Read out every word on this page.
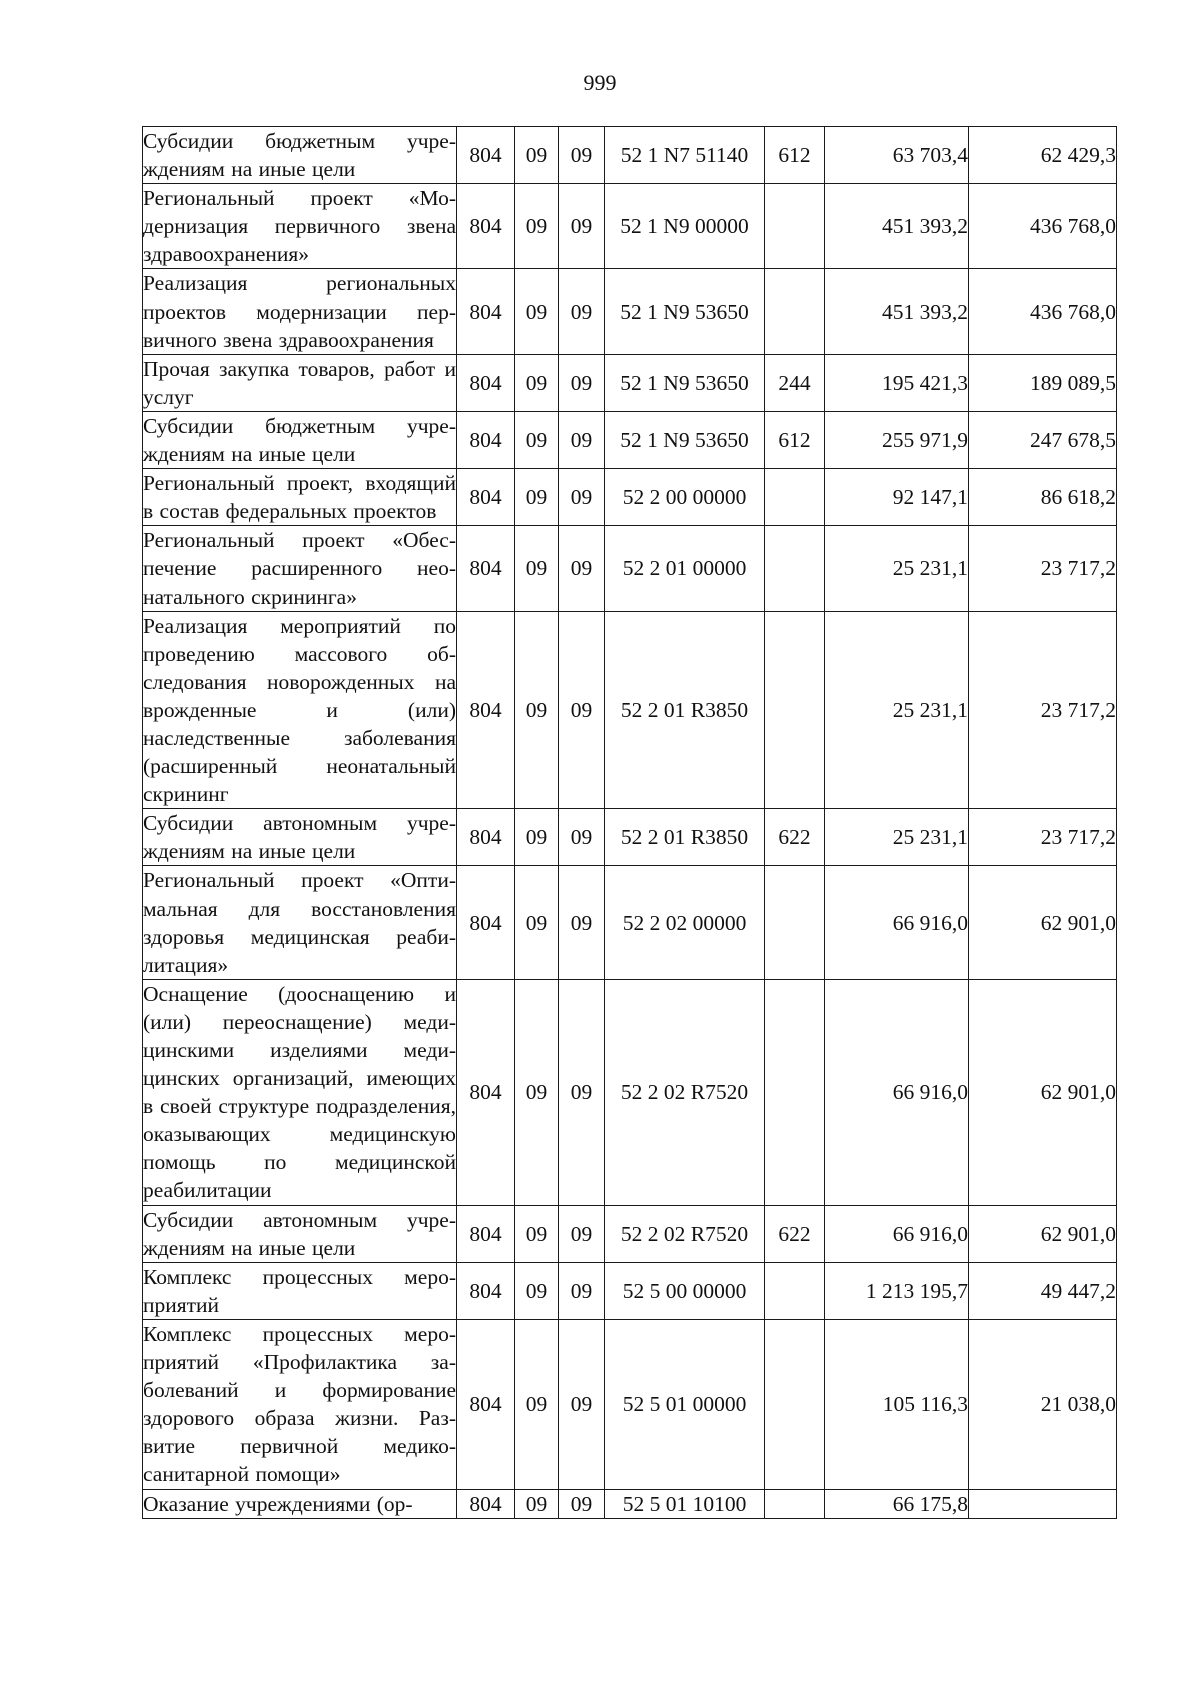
999
Субсидии бюджетным учреждениям на иные цели	804	09	09	52 1 N7 51140	612	63 703,4	62 429,3
Региональный проект «Модернизация первичного звена здравоохранения»	804	09	09	52 1 N9 00000		451 393,2	436 768,0
Реализация региональных проектов модернизации первичного звена здравоохранения	804	09	09	52 1 N9 53650		451 393,2	436 768,0
Прочая закупка товаров, работ и услуг	804	09	09	52 1 N9 53650	244	195 421,3	189 089,5
Субсидии бюджетным учреждениям на иные цели	804	09	09	52 1 N9 53650	612	255 971,9	247 678,5
Региональный проект, входящий в состав федеральных проектов	804	09	09	52 2 00 00000		92 147,1	86 618,2
Региональный проект «Обеспечение расширенного неонатального скрининга»	804	09	09	52 2 01 00000		25 231,1	23 717,2
Реализация мероприятий по проведению массового обследования новорожденных на врожденные и (или) наследственные заболевания (расширенный неонатальный скрининг	804	09	09	52 2 01 R3850		25 231,1	23 717,2
Субсидии автономным учреждениям на иные цели	804	09	09	52 2 01 R3850	622	25 231,1	23 717,2
Региональный проект «Оптимальная для восстановления здоровья медицинская реабилитация»	804	09	09	52 2 02 00000		66 916,0	62 901,0
Оснащение (дооснащению и (или) переоснащение) медицинскими изделиями медицинских организаций, имеющих в своей структуре подразделения, оказывающих медицинскую помощь по медицинской реабилитации	804	09	09	52 2 02 R7520		66 916,0	62 901,0
Субсидии автономным учреждениям на иные цели	804	09	09	52 2 02 R7520	622	66 916,0	62 901,0
Комплекс процессных мероприятий	804	09	09	52 5 00 00000		1 213 195,7	49 447,2
Комплекс процессных мероприятий «Профилактика заболеваний и формирование здорового образа жизни. Развитие первичной медико-санитарной помощи»	804	09	09	52 5 01 00000		105 116,3	21 038,0
Оказание учреждениями (ор-	804	09	09	52 5 01 10100		66 175,8	
